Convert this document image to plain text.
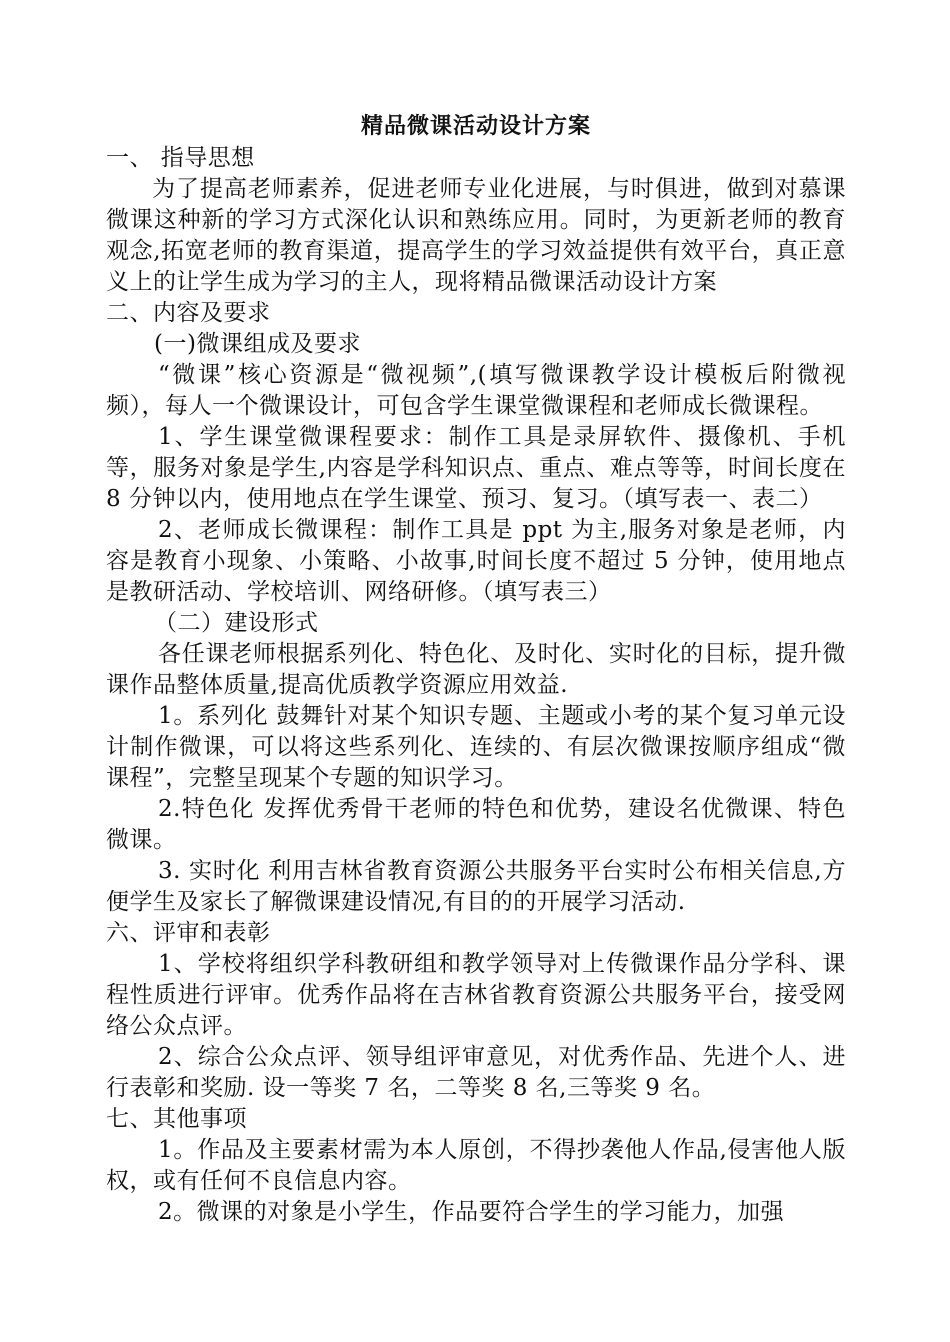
精品微课活动设计方案

一、 指导思想

为了提高老师素养，促进老师专业化进展，与时俱进，做到对慕课微课这种新的学习方式深化认识和熟练应用。同时，为更新老师的教育观念,拓宽老师的教育渠道，提高学生的学习效益提供有效平台，真正意义上的让学生成为学习的主人，现将精品微课活动设计方案

二、内容及要求

(一)微课组成及要求

“微课”核心资源是“微视频”,(填写微课教学设计模板后附微视频），每人一个微课设计，可包含学生课堂微课程和老师成长微课程。

1、学生课堂微课程要求：制作工具是录屏软件、摄像机、手机等，服务对象是学生,内容是学科知识点、重点、难点等等，时间长度在 8 分钟以内，使用地点在学生课堂、预习、复习。（填写表一、表二）

2、老师成长微课程：制作工具是 ppt 为主,服务对象是老师，内容是教育小现象、小策略、小故事,时间长度不超过 5 分钟，使用地点是教研活动、学校培训、网络研修。（填写表三）

（二）建设形式

各任课老师根据系列化、特色化、及时化、实时化的目标，提升微课作品整体质量,提高优质教学资源应用效益.

1。系列化 鼓舞针对某个知识专题、主题或小考的某个复习单元设计制作微课，可以将这些系列化、连续的、有层次微课按顺序组成“微课程”，完整呈现某个专题的知识学习。

2.特色化 发挥优秀骨干老师的特色和优势，建设名优微课、特色微课。

3. 实时化 利用吉林省教育资源公共服务平台实时公布相关信息,方便学生及家长了解微课建设情况,有目的的开展学习活动.

六、评审和表彰

1、学校将组织学科教研组和教学领导对上传微课作品分学科、课程性质进行评审。优秀作品将在吉林省教育资源公共服务平台，接受网络公众点评。

2、综合公众点评、领导组评审意见，对优秀作品、先进个人、进行表彰和奖励. 设一等奖 7 名，二等奖 8 名,三等奖 9 名。

七、其他事项

1。作品及主要素材需为本人原创，不得抄袭他人作品,侵害他人版权，或有任何不良信息内容。

2。微课的对象是小学生，作品要符合学生的学习能力，加强
